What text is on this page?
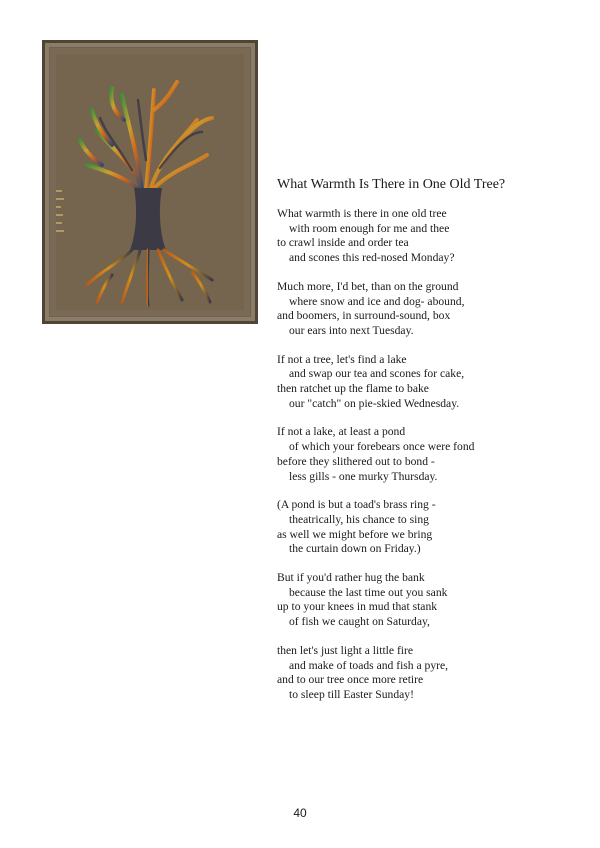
What Warmth Is There in One Old Tree?
What warmth is there in one old tree
with room enough for me and thee
to crawl inside and order tea
and scones this red-nosed Monday?
Much more, I'd bet, than on the ground
where snow and ice and dog- abound,
and boomers, in surround-sound, box
our ears into next Tuesday.
If not a tree, let's find a lake
and swap our tea and scones for cake,
then ratchet up the flame to bake
our "catch" on pie-skied Wednesday.
If not a lake, at least a pond
of which your forebears once were fond
before they slithered out to bond -
less gills - one murky Thursday.
(A pond is but a toad's brass ring -
theatrically, his chance to sing
as well we might before we bring
the curtain down on Friday.)
But if you'd rather hug the bank
because the last time out you sank
up to your knees in mud that stank
of fish we caught on Saturday,
then let's just light a little fire
and make of toads and fish a pyre,
and to our tree once more retire
to sleep till Easter Sunday!
40
